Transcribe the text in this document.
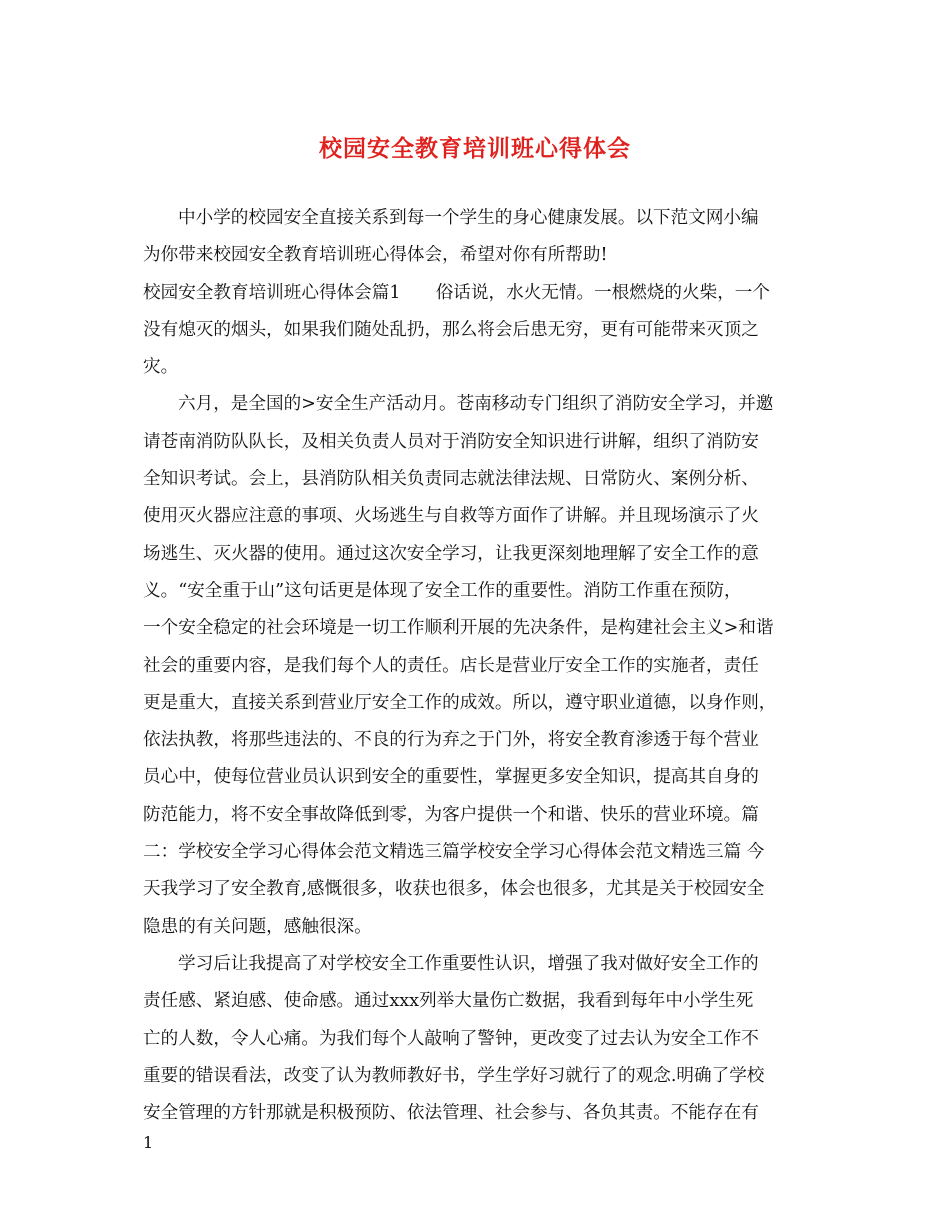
校园安全教育培训班心得体会
中小学的校园安全直接关系到每一个学生的身心健康发展。以下范文网小编
为你带来校园安全教育培训班心得体会，希望对你有所帮助!
校园安全教育培训班心得体会篇1　　俗话说，水火无情。一根燃烧的火柴，一个
没有熄灭的烟头，如果我们随处乱扔，那么将会后患无穷，更有可能带来灭顶之
灾。
六月，是全国的>安全生产活动月。苍南移动专门组织了消防安全学习，并邀
请苍南消防队队长，及相关负责人员对于消防安全知识进行讲解，组织了消防安
全知识考试。会上，县消防队相关负责同志就法律法规、日常防火、案例分析、
使用灭火器应注意的事项、火场逃生与自救等方面作了讲解。并且现场演示了火
场逃生、灭火器的使用。通过这次安全学习，让我更深刻地理解了安全工作的意
义。“安全重于山”这句话更是体现了安全工作的重要性。消防工作重在预防，
一个安全稳定的社会环境是一切工作顺利开展的先决条件，是构建社会主义>和谐
社会的重要内容，是我们每个人的责任。店长是营业厅安全工作的实施者，责任
更是重大，直接关系到营业厅安全工作的成效。所以，遵守职业道德，以身作则，
依法执教，将那些违法的、不良的行为弃之于门外，将安全教育渗透于每个营业
员心中，使每位营业员认识到安全的重要性，掌握更多安全知识，提高其自身的
防范能力，将不安全事故降低到零，为客户提供一个和谐、快乐的营业环境。篇
二：学校安全学习心得体会范文精选三篇学校安全学习心得体会范文精选三篇 今
天我学习了安全教育,感慨很多，收获也很多，体会也很多，尤其是关于校园安全
隐患的有关问题，感触很深。
学习后让我提高了对学校安全工作重要性认识，增强了我对做好安全工作的
责任感、紧迫感、使命感。通过xxx列举大量伤亡数据，我看到每年中小学生死
亡的人数，令人心痛。为我们每个人敲响了警钟，更改变了过去认为安全工作不
重要的错误看法，改变了认为教师教好书，学生学好习就行了的观念.明确了学校
安全管理的方针那就是积极预防、依法管理、社会参与、各负其责。不能存在有
1
